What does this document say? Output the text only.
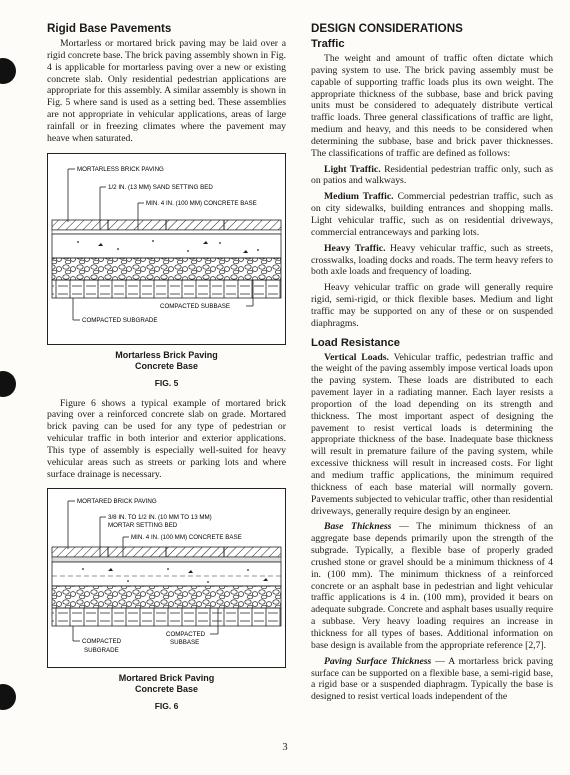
Rigid Base Pavements

Mortarless or mortared brick paving may be laid over a rigid concrete base. The brick paving assembly shown in Fig. 4 is applicable for mortarless paving over a new or existing concrete slab. Only residential pedestrian applications are appropriate for this assembly. A similar assembly is shown in Fig. 5 where sand is used as a setting bed. These assemblies are not appropriate in vehicular applications, areas of large rainfall or in freezing climates where the pavement may heave when saturated.

MORTARLESS BRICK PAVING
1/2 IN. (13 MM) SAND SETTING BED
MIN. 4 IN. (100 MM) CONCRETE BASE
COMPACTED SUBBASE
COMPACTED SUBGRADE
Mortarless Brick Paving
Concrete Base
FIG. 5

Figure 6 shows a typical example of mortared brick paving over a reinforced concrete slab on grade. Mortared brick paving can be used for any type of pedestrian or vehicular traffic in both interior and exterior applications. This type of assembly is especially well-suited for heavy vehicular areas such as streets or parking lots and where surface drainage is necessary.

MORTARED BRICK PAVING
3/8 IN. TO 1/2 IN. (10 MM TO 13 MM)
MORTAR SETTING BED
MIN. 4 IN. (100 MM) CONCRETE BASE
COMPACTED
SUBBASE
COMPACTED
SUBGRADE
Mortared Brick Paving
Concrete Base
FIG. 6
DESIGN CONSIDERATIONS
Traffic

The weight and amount of traffic often dictate which paving system to use. The brick paving assembly must be capable of supporting traffic loads plus its own weight. The appropriate thickness of the subbase, base and brick paving units must be considered to adequately distribute vertical traffic loads. Three general classifications of traffic are light, medium and heavy, and this needs to be considered when determining the subbase, base and brick paver thicknesses. The classifications of traffic are defined as follows:

Light Traffic. Residential pedestrian traffic only, such as on patios and walkways.

Medium Traffic. Commercial pedestrian traffic, such as on city sidewalks, building entrances and shopping malls. Light vehicular traffic, such as on residential driveways, commercial entranceways and parking lots.

Heavy Traffic. Heavy vehicular traffic, such as streets, crosswalks, loading docks and roads. The term heavy refers to both axle loads and frequency of loading.

Heavy vehicular traffic on grade will generally require rigid, semi-rigid, or thick flexible bases. Medium and light traffic may be supported on any of these or on suspended diaphragms.

Load Resistance

Vertical Loads. Vehicular traffic, pedestrian traffic and the weight of the paving assembly impose vertical loads upon the paving system. These loads are distributed to each pavement layer in a radiating manner. Each layer resists a proportion of the load depending on its strength and thickness. The most important aspect of designing the pavement to resist vertical loads is determining the appropriate thickness of the base. Inadequate base thickness will result in premature failure of the paving system, while excessive thickness will result in increased costs. For light and medium traffic applications, the minimum required thickness of each base material will normally govern. Pavements subjected to vehicular traffic, other than residential driveways, generally require design by an engineer.

Base Thickness — The minimum thickness of an aggregate base depends primarily upon the strength of the subgrade. Typically, a flexible base of properly graded crushed stone or gravel should be a minimum thickness of 4 in. (100 mm). The minimum thickness of a reinforced concrete or an asphalt base in pedestrian and light vehicular traffic applications is 4 in. (100 mm), provided it bears on adequate subgrade. Concrete and asphalt bases usually require a subbase. Very heavy loading requires an increase in thickness for all types of bases. Additional information on base design is available from the appropriate reference [2,7].

Paving Surface Thickness — A mortarless brick paving surface can be supported on a flexible base, a semi-rigid base, a rigid base or a suspended diaphragm. Typically the base is designed to resist vertical loads independent of the

3
